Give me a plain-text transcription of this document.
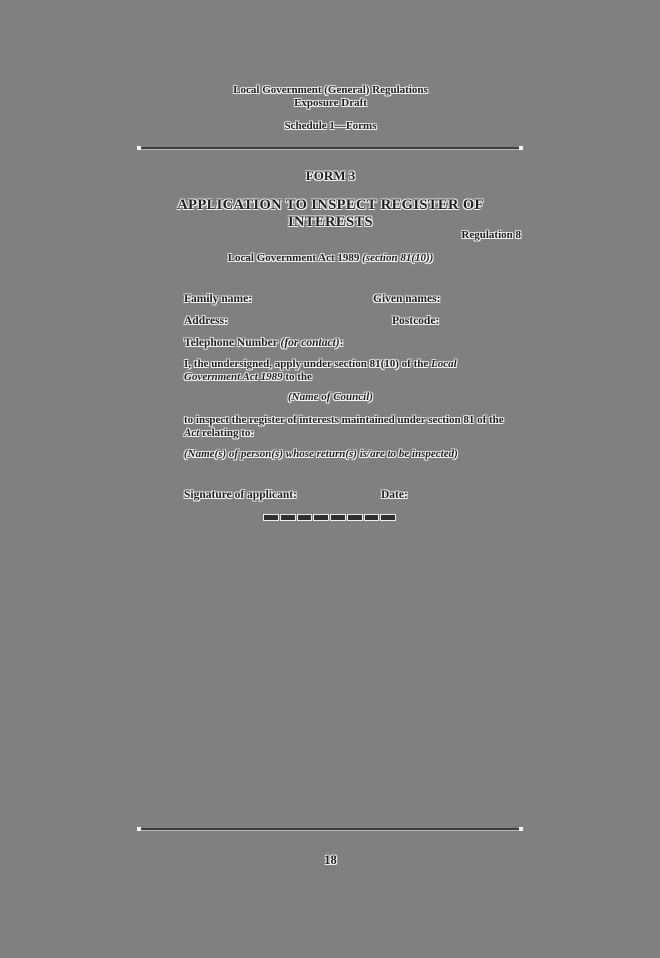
Local Government (General) Regulations
Exposure Draft
Schedule 1—Forms
FORM 3
APPLICATION TO INSPECT REGISTER OF INTERESTS
Regulation 8
Local Government Act 1989 (section 81(10))
Family name:	Given names:
Address:	Postcode:
Telephone Number (for contact):
I, the undersigned, apply under section 81(10) of the Local
Government Act 1989 to the
(Name of Council)
to inspect the register of interests maintained under section 81 of the
Act relating to:
(Name(s) of person(s) whose return(s) is/are to be inspected)
Signature of applicant:	Date:
18
